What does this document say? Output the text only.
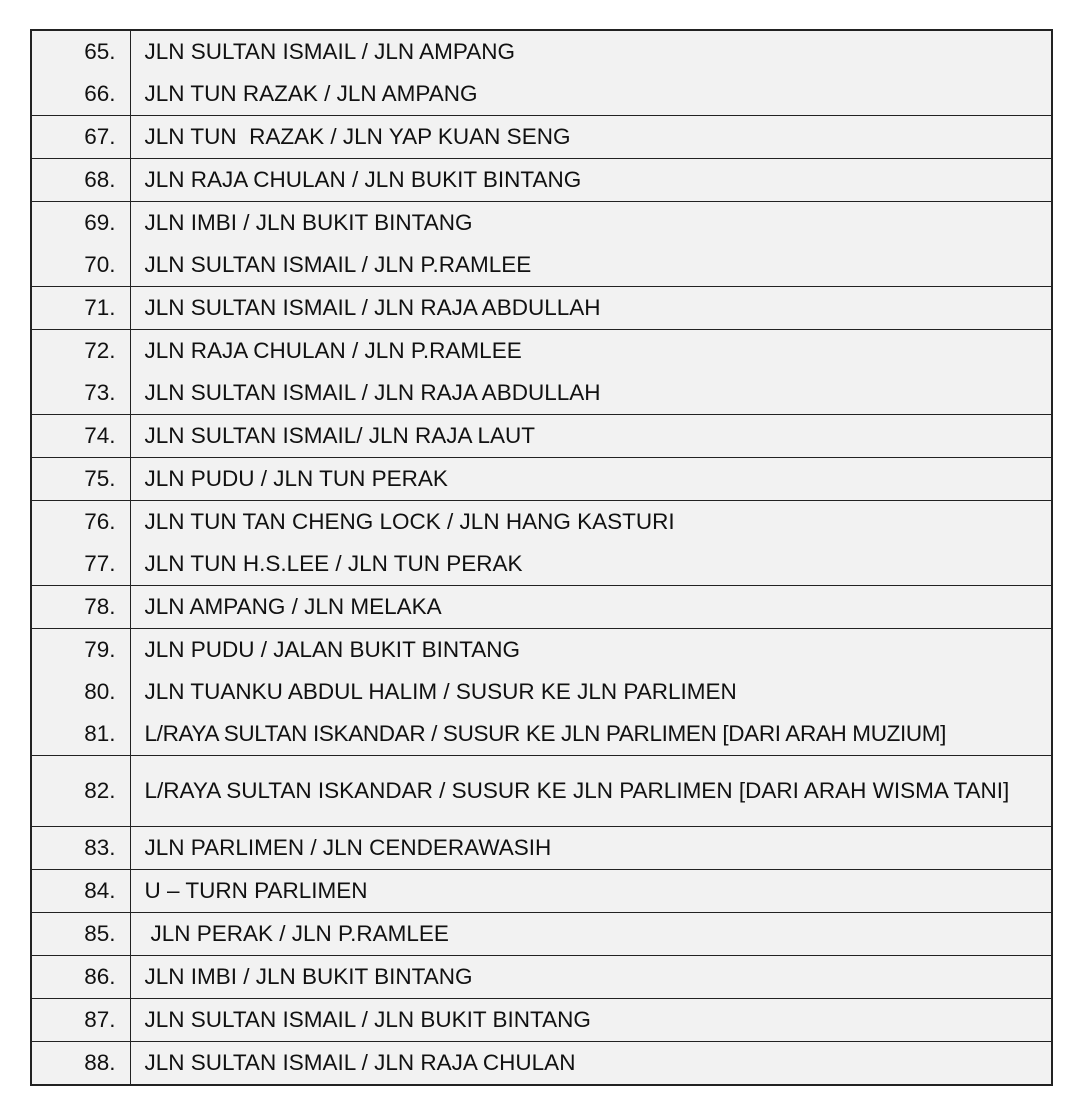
65.	JLN SULTAN ISMAIL / JLN AMPANG
66.	JLN TUN RAZAK / JLN AMPANG
67.	JLN TUN  RAZAK / JLN YAP KUAN SENG
68.	JLN RAJA CHULAN / JLN BUKIT BINTANG
69.	JLN IMBI / JLN BUKIT BINTANG
70.	JLN SULTAN ISMAIL / JLN P.RAMLEE
71.	JLN SULTAN ISMAIL / JLN RAJA ABDULLAH
72.	JLN RAJA CHULAN / JLN P.RAMLEE
73.	JLN SULTAN ISMAIL / JLN RAJA ABDULLAH
74.	JLN SULTAN ISMAIL/ JLN RAJA LAUT
75.	JLN PUDU / JLN TUN PERAK
76.	JLN TUN TAN CHENG LOCK / JLN HANG KASTURI
77.	JLN TUN H.S.LEE / JLN TUN PERAK
78.	JLN AMPANG / JLN MELAKA
79.	JLN PUDU / JALAN BUKIT BINTANG
80.	JLN TUANKU ABDUL HALIM / SUSUR KE JLN PARLIMEN
81.	L/RAYA SULTAN ISKANDAR / SUSUR KE JLN PARLIMEN [DARI ARAH MUZIUM]
82.	L/RAYA SULTAN ISKANDAR / SUSUR KE JLN PARLIMEN [DARI ARAH WISMA TANI]
83.	JLN PARLIMEN / JLN CENDERAWASIH
84.	U – TURN PARLIMEN
85.	JLN PERAK / JLN P.RAMLEE
86.	JLN IMBI / JLN BUKIT BINTANG
87.	JLN SULTAN ISMAIL / JLN BUKIT BINTANG
88.	JLN SULTAN ISMAIL / JLN RAJA CHULAN
